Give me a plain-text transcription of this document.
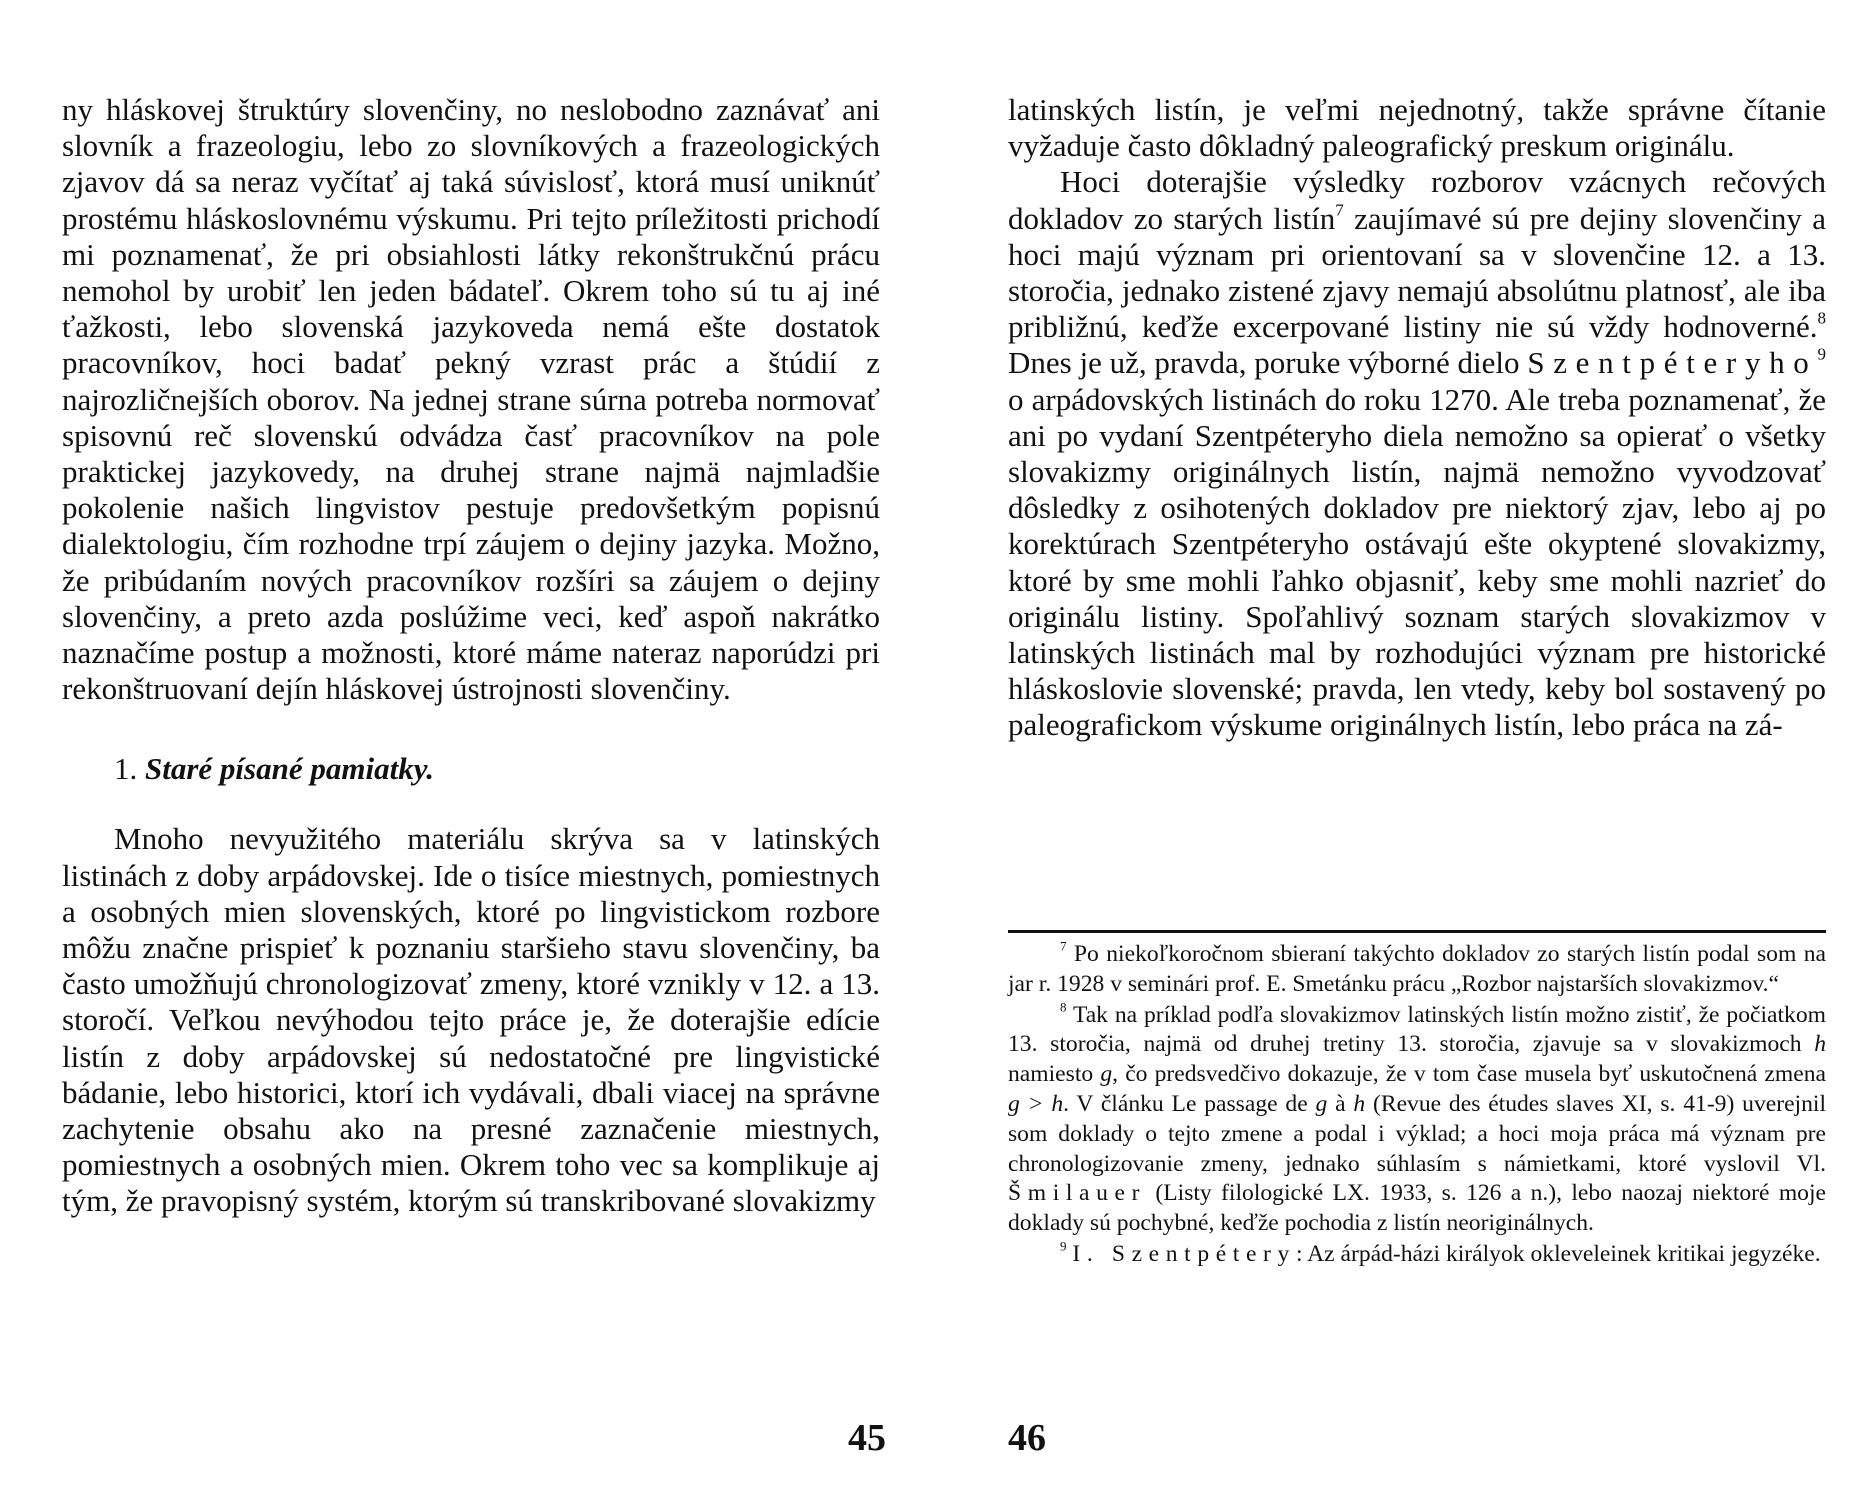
ny hláskovej štruktúry slovenčiny, no neslobodno zaznávať ani slovník a frazeologiu, lebo zo slovníkových a frazeologických zjavov dá sa neraz vyčítať aj taká súvislosť, ktorá musí uniknúť prostému hláskoslovnému výskumu. Pri tejto príležitosti prichodí mi poznamenať, že pri obsiahlosti látky rekonštrukčnú prácu nemohol by urobiť len jeden bádateľ. Okrem toho sú tu aj iné ťažkosti, lebo slovenská jazykoveda nemá ešte dostatok pracovníkov, hoci badať pekný vzrast prác a štúdií z najrozličnejších oborov. Na jednej strane súrna potreba normovať spisovnú reč slovenskú odvádza časť pracovníkov na pole praktickej jazykovedy, na druhej strane najmä najmladšie pokolenie našich lingvistov pestuje predovšetkým popisnú dialektologiu, čím rozhodne trpí záujem o dejiny jazyka. Možno, že pribúdaním nových pracovníkov rozšíri sa záujem o dejiny slovenčiny, a preto azda poslúžime veci, keď aspoň nakrátko naznačíme postup a možnosti, ktoré máme nateraz naporúdzi pri rekonštruovaní dejín hláskovej ústrojnosti slovenčiny.

1. Staré písané pamiatky.

Mnoho nevyužitého materiálu skrýva sa v latinských listinách z doby arpádovskej. Ide o tisíce miestnych, pomiestnych a osobných mien slovenských, ktoré po lingvistickom rozbore môžu značne prispieť k poznaniu staršieho stavu slovenčiny, ba často umožňujú chronologizovať zmeny, ktoré vznikly v 12. a 13. storočí. Veľkou nevýhodou tejto práce je, že doterajšie edície listín z doby arpádovskej sú nedostatočné pre lingvistické bádanie, lebo historici, ktorí ich vydávali, dbali viacej na správne zachytenie obsahu ako na presné zaznačenie miestnych, pomiestnych a osobných mien. Okrem toho vec sa komplikuje aj tým, že pravopisný systém, ktorým sú transkribované slovakizmy

45

latinských listín, je veľmi nejednotný, takže správne čítanie vyžaduje často dôkladný paleografický preskum originálu.

Hoci doterajšie výsledky rozborov vzácnych rečových dokladov zo starých listín$^7$ zaujímavé sú pre dejiny slovenčiny a hoci majú význam pri orientovaní sa v slovenčine 12. a 13. storočia, jednako zistené zjavy nemajú absolútnu platnosť, ale iba približnú, keďže excerpované listiny nie sú vždy hodnoverné.$^8$ Dnes je už, pravda, poruke výborné dielo Szentpéteryho$^9$ o arpádovských listinách do roku 1270. Ale treba poznamenať, že ani po vydaní Szentpéteryho diela nemožno sa opierať o všetky slovakizmy originálnych listín, najmä nemožno vyvodzovať dôsledky z osihotených dokladov pre niektorý zjav, lebo aj po korektúrach Szentpéteryho ostávajú ešte okyptené slovakizmy, ktoré by sme mohli ľahko objasniť, keby sme mohli nazrieť do originálu listiny. Spoľahlivý soznam starých slovakizmov v latinských listinách mal by rozhodujúci význam pre historické hláskoslovie slovenské; pravda, len vtedy, keby bol sostavený po paleografickom výskume originálnych listín, lebo práca na zá-

$^7$ Po niekoľkoročnom sbieraní takýchto dokladov zo starých listín podal som na jar r. 1928 v seminári prof. E. Smetánku prácu „Rozbor najstarších slovakizmov.“

$^8$ Tak na príklad podľa slovakizmov latinských listín možno zistiť, že počiatkom 13. storočia, najmä od druhej tretiny 13. storočia, zjavuje sa v slovakizmoch h namiesto g, čo predsvedčivo dokazuje, že v tom čase musela byť uskutočnená zmena g > h. V článku Le passage de g à h (Revue des études slaves XI, s. 41-9) uverejnil som doklady o tejto zmene a podal i výklad; a hoci moja práca má význam pre chronologizovanie zmeny, jednako súhlasím s námietkami, ktoré vyslovil Vl. Šmilauer (Listy filologické LX. 1933, s. 126 a n.), lebo naozaj niektoré moje doklady sú pochybné, keďže pochodia z listín neoriginálnych.

$^9$ I. Szentpétery: Az árpád-házi királyok okleveleinek kritikai jegyzéke.

46
